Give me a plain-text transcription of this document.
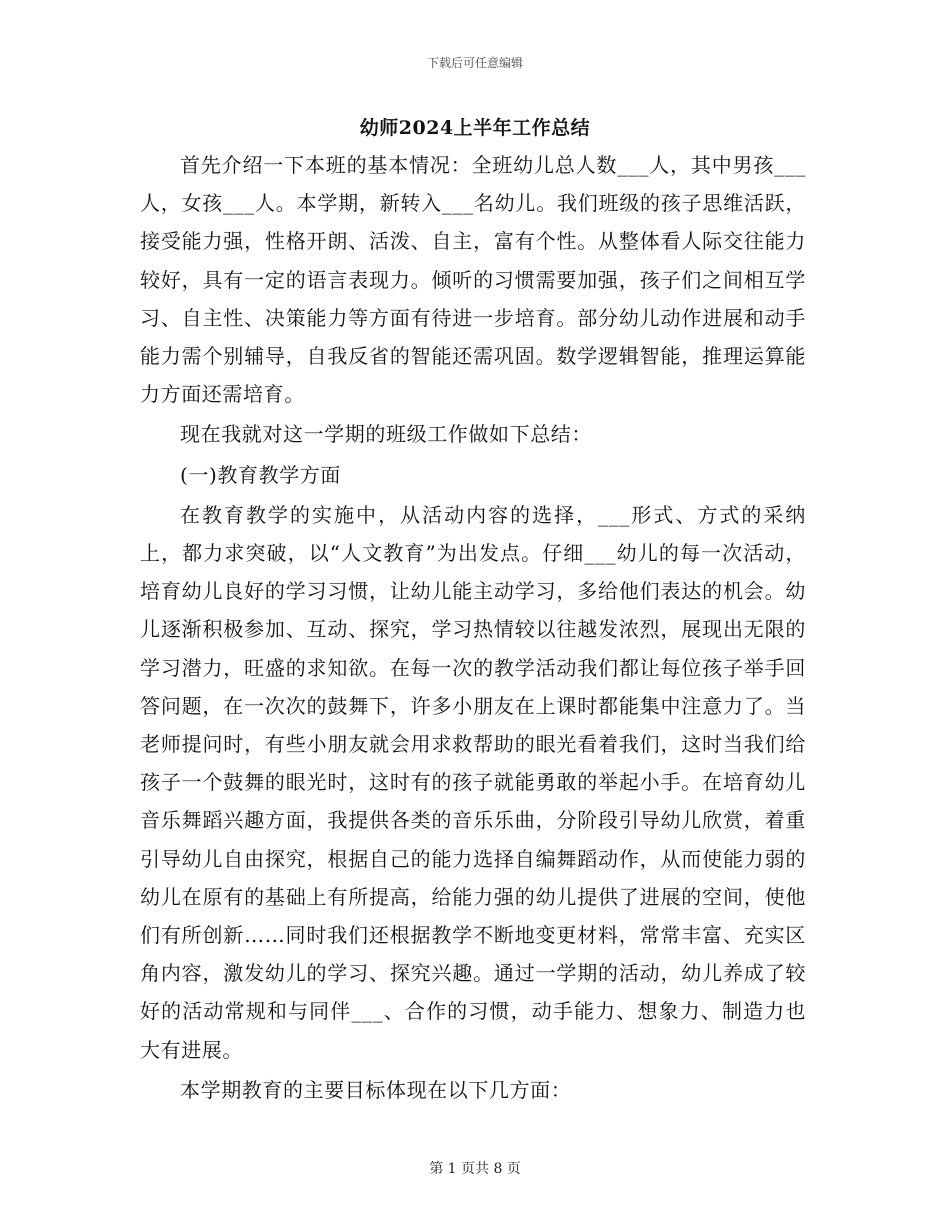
下载后可任意编辑
幼师2024上半年工作总结

首先介绍一下本班的基本情况：全班幼儿总人数___人，其中男孩___人，女孩___人。本学期，新转入___名幼儿。我们班级的孩子思维活跃，接受能力强，性格开朗、活泼、自主，富有个性。从整体看人际交往能力较好，具有一定的语言表现力。倾听的习惯需要加强，孩子们之间相互学习、自主性、决策能力等方面有待进一步培育。部分幼儿动作进展和动手能力需个别辅导，自我反省的智能还需巩固。数学逻辑智能，推理运算能力方面还需培育。

现在我就对这一学期的班级工作做如下总结：

(一)教育教学方面

在教育教学的实施中，从活动内容的选择，___形式、方式的采纳上，都力求突破，以“人文教育”为出发点。仔细___幼儿的每一次活动，培育幼儿良好的学习习惯，让幼儿能主动学习，多给他们表达的机会。幼儿逐渐积极参加、互动、探究，学习热情较以往越发浓烈，展现出无限的学习潜力，旺盛的求知欲。在每一次的教学活动我们都让每位孩子举手回答问题，在一次次的鼓舞下，许多小朋友在上课时都能集中注意力了。当老师提问时，有些小朋友就会用求救帮助的眼光看着我们，这时当我们给孩子一个鼓舞的眼光时，这时有的孩子就能勇敢的举起小手。在培育幼儿音乐舞蹈兴趣方面，我提供各类的音乐乐曲，分阶段引导幼儿欣赏，着重引导幼儿自由探究，根据自己的能力选择自编舞蹈动作，从而使能力弱的幼儿在原有的基础上有所提高，给能力强的幼儿提供了进展的空间，使他们有所创新……同时我们还根据教学不断地变更材料，常常丰富、充实区角内容，激发幼儿的学习、探究兴趣。通过一学期的活动，幼儿养成了较好的活动常规和与同伴___、合作的习惯，动手能力、想象力、制造力也大有进展。

本学期教育的主要目标体现在以下几方面：

第 1 页共 8 页
